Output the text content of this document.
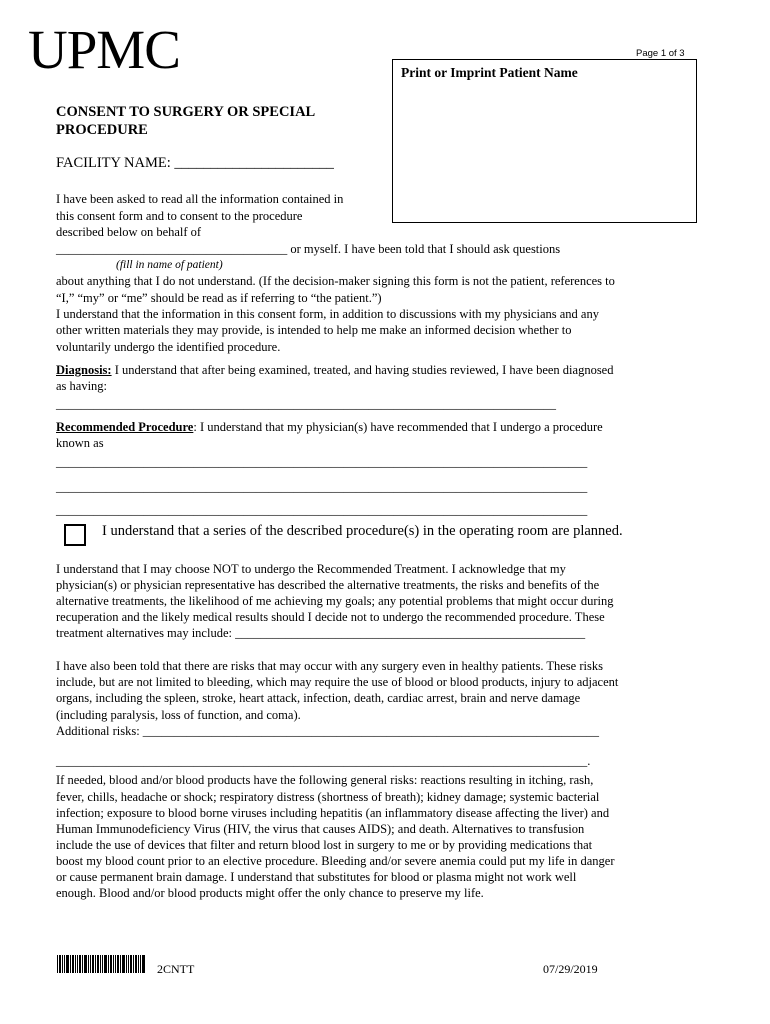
UPMC	Page 1 of 3
Print or Imprint Patient Name
CONSENT TO SURGERY OR SPECIAL
PROCEDURE
FACILITY NAME: ______________________
I have been asked to read all the information contained in
this consent form and to consent to the procedure
described below on behalf of
_____________________________________ or myself. I have been told that I should ask questions
(fill in name of patient)
about anything that I do not understand. (If the decision-maker signing this form is not the patient, references to
“I,” “my” or “me” should be read as if referring to “the patient.”)
I understand that the information in this consent form, in addition to discussions with my physicians and any
other written materials they may provide, is intended to help me make an informed decision whether to
voluntarily undergo the identified procedure.
Diagnosis: I understand that after being examined, treated, and having studies reviewed, I have been diagnosed
as having:
________________________________________________________________________________
Recommended Procedure: I understand that my physician(s) have recommended that I undergo a procedure
known as
_____________________________________________________________________________________
_____________________________________________________________________________________
_____________________________________________________________________________________
I understand that a series of the described procedure(s) in the operating room are planned.
I understand that I may choose NOT to undergo the Recommended Treatment. I acknowledge that my
physician(s) or physician representative has described the alternative treatments, the risks and benefits of the
alternative treatments, the likelihood of me achieving my goals; any potential problems that might occur during
recuperation and the likely medical results should I decide not to undergo the recommended procedure. These
treatment alternatives may include: ________________________________________________________
I have also been told that there are risks that may occur with any surgery even in healthy patients. These risks
include, but are not limited to bleeding, which may require the use of blood or blood products, injury to adjacent
organs, including the spleen, stroke, heart attack, infection, death, cardiac arrest, brain and nerve damage
(including paralysis, loss of function, and coma).
Additional risks: _________________________________________________________________________
_____________________________________________________________________________________.
If needed, blood and/or blood products have the following general risks: reactions resulting in itching, rash,
fever, chills, headache or shock; respiratory distress (shortness of breath); kidney damage; systemic bacterial
infection; exposure to blood borne viruses including hepatitis (an inflammatory disease affecting the liver) and
Human Immunodeficiency Virus (HIV, the virus that causes AIDS); and death. Alternatives to transfusion
include the use of devices that filter and return blood lost in surgery to me or by providing medications that
boost my blood count prior to an elective procedure. Bleeding and/or severe anemia could put my life in danger
or cause permanent brain damage. I understand that substitutes for blood or plasma might not work well
enough. Blood and/or blood products might offer the only chance to preserve my life.
2CNTT	07/29/2019
